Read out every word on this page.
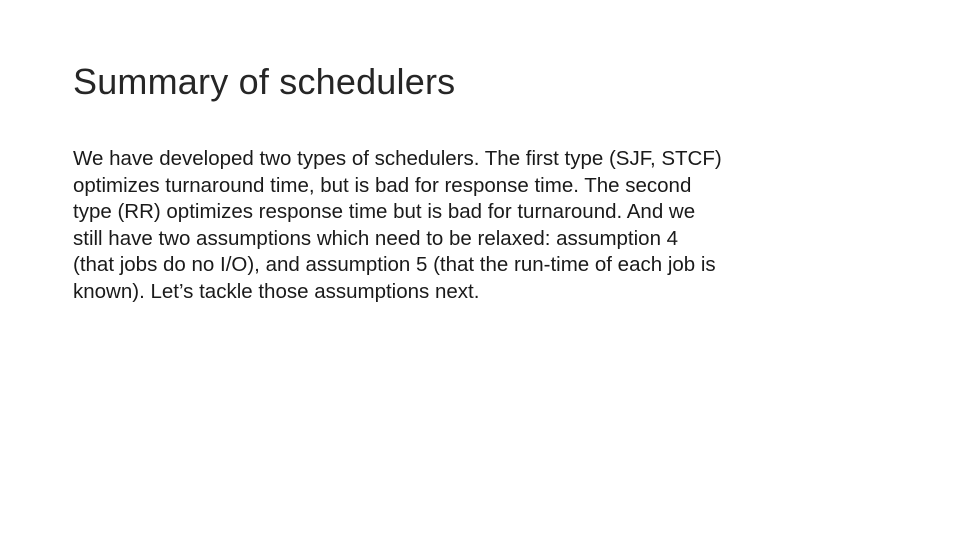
Summary of schedulers

We have developed two types of schedulers. The first type (SJF, STCF)
optimizes turnaround time, but is bad for response time. The second
type (RR) optimizes response time but is bad for turnaround. And we
still have two assumptions which need to be relaxed: assumption 4
(that jobs do no I/O), and assumption 5 (that the run-time of each job is
known). Let’s tackle those assumptions next.
